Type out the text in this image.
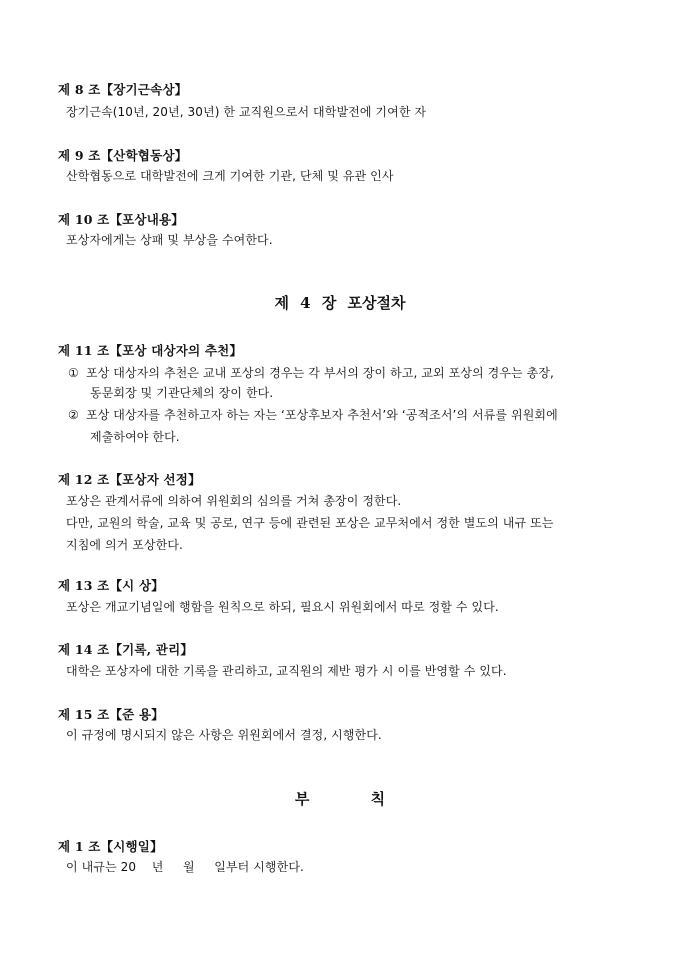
제 8 조【장기근속상】
장기근속(10년, 20년, 30년) 한 교직원으로서 대학발전에 기여한 자
제 9 조【산학협동상】
산학협동으로 대학발전에 크게 기여한 기관, 단체 및 유관 인사
제 10 조【포상내용】
포상자에게는 상패 및 부상을 수여한다.
제 4 장 포상절차
제 11 조【포상 대상자의 추천】
① 포상 대상자의 추천은 교내 포상의 경우는 각 부서의 장이 하고, 교외 포상의 경우는 총장,
동문회장 및 기관단체의 장이 한다.
② 포상 대상자를 추천하고자 하는 자는 ‘포상후보자 추천서’와 ‘공적조서’의 서류를 위원회에
제출하여야 한다.
제 12 조【포상자 선정】
포상은 관계서류에 의하여 위원회의 심의를 거쳐 총장이 정한다.
다만, 교원의 학술, 교육 및 공로, 연구 등에 관련된 포상은 교무처에서 정한 별도의 내규 또는
지침에 의거 포상한다.
제 13 조【시 상】
포상은 개교기념일에 행함을 원칙으로 하되, 필요시 위원회에서 따로 정할 수 있다.
제 14 조【기록, 관리】
대학은 포상자에 대한 기록을 관리하고, 교직원의 제반 평가 시 이를 반영할 수 있다.
제 15 조【준 용】
이 규정에 명시되지 않은 사항은 위원회에서 결정, 시행한다.
부 칙
제 1 조【시행일】
이 내규는 20    년     월     일부터 시행한다.
